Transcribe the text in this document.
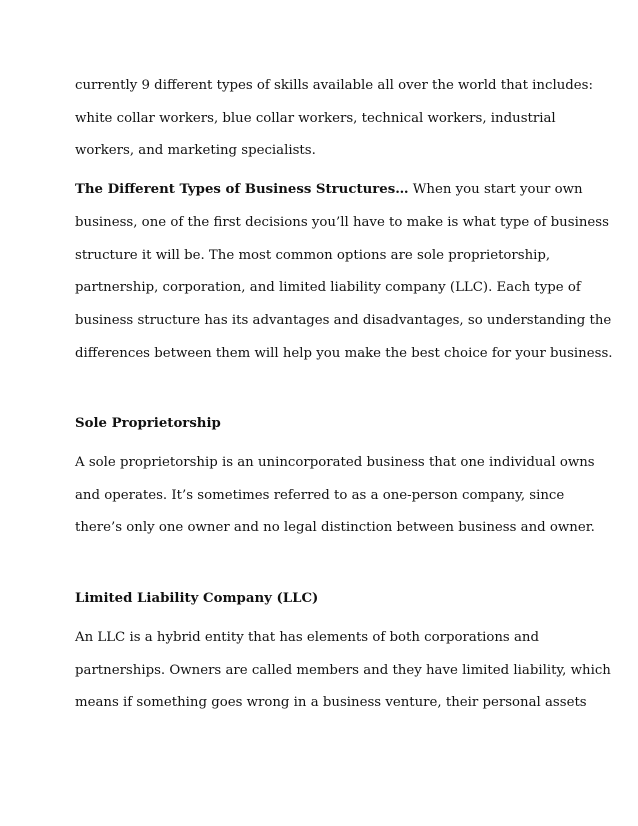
currently 9 different types of skills available all over the world that includes:
white collar workers, blue collar workers, technical workers, industrial
workers, and marketing specialists.
The Different Types of Business Structures… When you start your own
business, one of the first decisions you’ll have to make is what type of business
structure it will be. The most common options are sole proprietorship,
partnership, corporation, and limited liability company (LLC). Each type of
business structure has its advantages and disadvantages, so understanding the
differences between them will help you make the best choice for your business.
Sole Proprietorship
A sole proprietorship is an unincorporated business that one individual owns
and operates. It’s sometimes referred to as a one-person company, since
there’s only one owner and no legal distinction between business and owner.
Limited Liability Company (LLC)
An LLC is a hybrid entity that has elements of both corporations and
partnerships. Owners are called members and they have limited liability, which
means if something goes wrong in a business venture, their personal assets
